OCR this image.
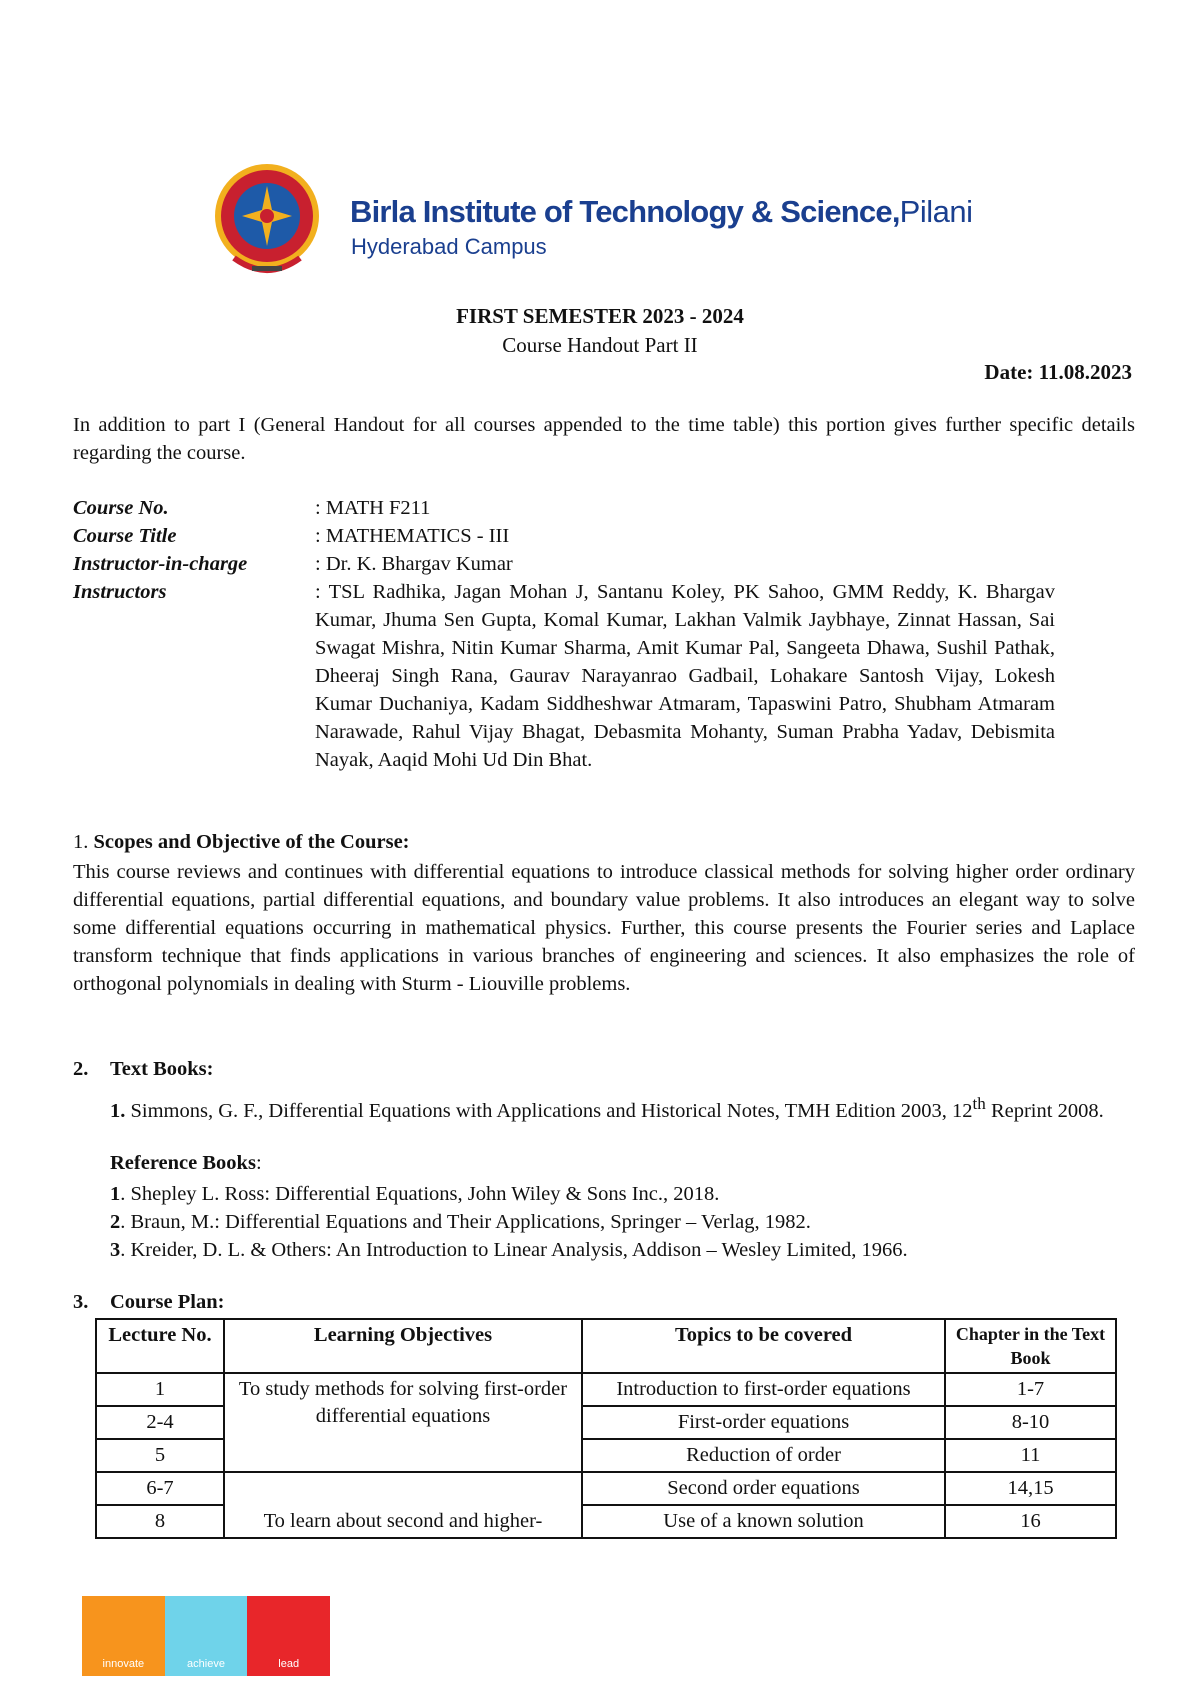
Birla Institute of Technology & Science,Pilani
Hyderabad Campus
FIRST SEMESTER 2023 - 2024
Course Handout Part II
Date: 11.08.2023
In addition to part I (General Handout for all courses appended to the time table) this portion gives further specific details regarding the course.
Course No.	: MATH F211
Course Title	: MATHEMATICS - III
Instructor-in-charge	: Dr. K. Bhargav Kumar
Instructors	: TSL Radhika, Jagan Mohan J, Santanu Koley, PK Sahoo, GMM Reddy, K. Bhargav Kumar, Jhuma Sen Gupta, Komal Kumar, Lakhan Valmik Jaybhaye, Zinnat Hassan, Sai Swagat Mishra, Nitin Kumar Sharma, Amit Kumar Pal, Sangeeta Dhawa, Sushil Pathak, Dheeraj Singh Rana, Gaurav Narayanrao Gadbail, Lohakare Santosh Vijay, Lokesh Kumar Duchaniya, Kadam Siddheshwar Atmaram, Tapaswini Patro, Shubham Atmaram Narawade, Rahul Vijay Bhagat, Debasmita Mohanty, Suman Prabha Yadav, Debismita Nayak, Aaqid Mohi Ud Din Bhat.
1. Scopes and Objective of the Course:
This course reviews and continues with differential equations to introduce classical methods for solving higher order ordinary differential equations, partial differential equations, and boundary value problems. It also introduces an elegant way to solve some differential equations occurring in mathematical physics. Further, this course presents the Fourier series and Laplace transform technique that finds applications in various branches of engineering and sciences. It also emphasizes the role of orthogonal polynomials in dealing with Sturm - Liouville problems.
2. Text Books:
1. Simmons, G. F., Differential Equations with Applications and Historical Notes, TMH Edition 2003, 12th Reprint 2008.
Reference Books:
1. Shepley L. Ross: Differential Equations, John Wiley & Sons Inc., 2018.
2. Braun, M.: Differential Equations and Their Applications, Springer – Verlag, 1982.
3. Kreider, D. L. & Others: An Introduction to Linear Analysis, Addison – Wesley Limited, 1966.
3. Course Plan:
Lecture No.	Learning Objectives	Topics to be covered	Chapter in the Text Book
1	To study methods for solving first-order differential equations	Introduction to first-order equations	1-7
2-4		First-order equations	8-10
5		Reduction of order	11
6-7	To learn about second and higher-	Second order equations	14,15
8		Use of a known solution	16
innovate	achieve	lead
